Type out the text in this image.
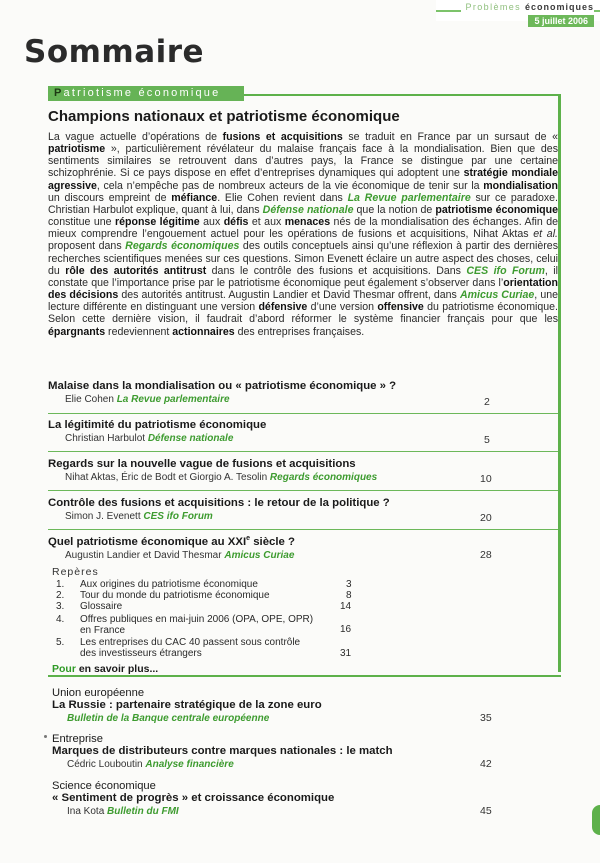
Problèmes économiques
5 juillet 2006
Sommaire
Patriotisme économique
Champions nationaux et patriotisme économique
La vague actuelle d’opérations de fusions et acquisitions se traduit en France par un sursaut de « patriotisme », particulièrement révélateur du malaise français face à la mondialisation. Bien que des sentiments similaires se retrouvent dans d’autres pays, la France se distingue par une certaine schizophrénie. Si ce pays dispose en effet d’entreprises dynamiques qui adoptent une stratégie mondiale agressive, cela n’empêche pas de nombreux acteurs de la vie économique de tenir sur la mondialisation un discours empreint de méfiance. Elie Cohen revient dans La Revue parlementaire sur ce paradoxe. Christian Harbulot explique, quant à lui, dans Défense nationale que la notion de patriotisme économique constitue une réponse légitime aux défis et aux menaces nés de la mondialisation des échanges. Afin de mieux comprendre l’engouement actuel pour les opérations de fusions et acquisitions, Nihat Aktas et al. proposent dans Regards économiques des outils conceptuels ainsi qu’une réflexion à partir des dernières recherches scientifiques menées sur ces questions. Simon Evenett éclaire un autre aspect des choses, celui du rôle des autorités antitrust dans le contrôle des fusions et acquisitions. Dans CES ifo Forum, il constate que l’importance prise par le patriotisme économique peut également s’observer dans l’orientation des décisions des autorités antitrust. Augustin Landier et David Thesmar offrent, dans Amicus Curiae, une lecture différente en distinguant une version défensive d’une version offensive du patriotisme économique. Selon cette dernière vision, il faudrait d’abord réformer le système financier français pour que les épargnants redeviennent actionnaires des entreprises françaises.
Malaise dans la mondialisation ou « patriotisme économique » ?
Elie Cohen La Revue parlementaire	2
La légitimité du patriotisme économique
Christian Harbulot Défense nationale	5
Regards sur la nouvelle vague de fusions et acquisitions
Nihat Aktas, Éric de Bodt et Giorgio A. Tesolin Regards économiques	10
Contrôle des fusions et acquisitions : le retour de la politique ?
Simon J. Evenett CES ifo Forum	20
Quel patriotisme économique au XXIe siècle ?
Augustin Landier et David Thesmar Amicus Curiae	28
Repères
1. Aux origines du patriotisme économique	3
2. Tour du monde du patriotisme économique	8
3. Glossaire	14
4. Offres publiques en mai-juin 2006 (OPA, OPE, OPR)
en France	16
5. Les entreprises du CAC 40 passent sous contrôle
des investisseurs étrangers	31
Pour en savoir plus...
Union européenne
La Russie : partenaire stratégique de la zone euro
Bulletin de la Banque centrale européenne	35
Entreprise
Marques de distributeurs contre marques nationales : le match
Cédric Louboutin Analyse financière	42
Science économique
« Sentiment de progrès » et croissance économique
Ina Kota Bulletin du FMI	45
